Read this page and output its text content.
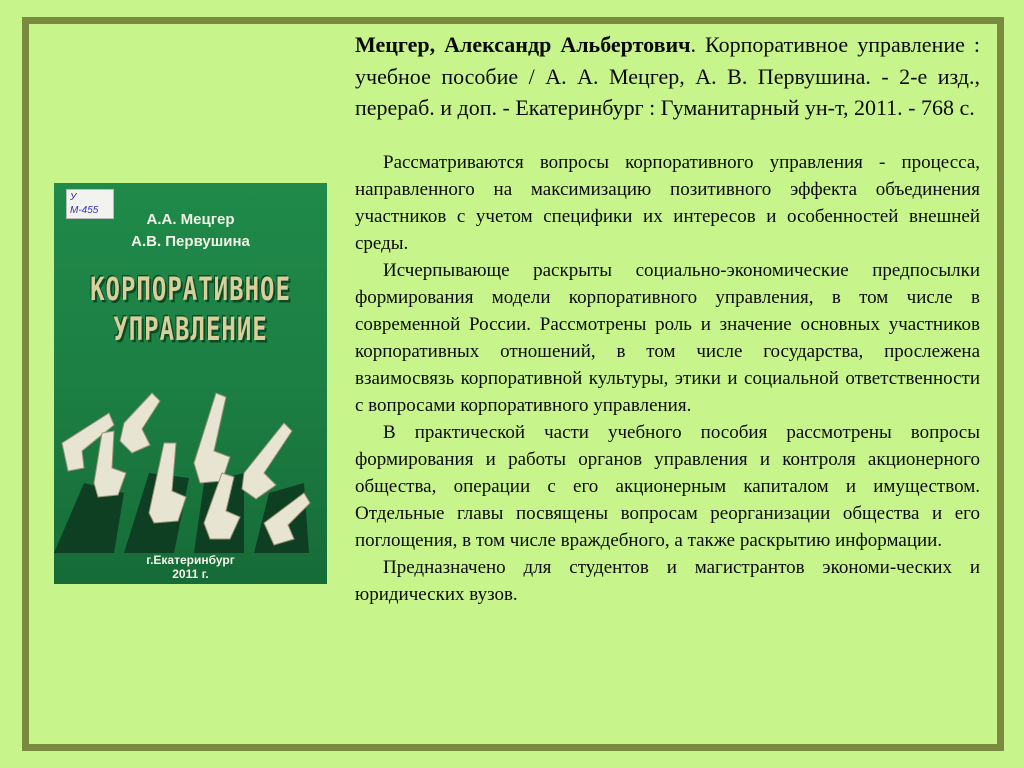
У
М-455
А.А. Мецгер
А.В. Первушина
КОРПОРАТИВНОЕ
УПРАВЛЕНИЕ
г.Екатеринбург
2011 г.

Мецгер, Александр Альбертович. Корпоративное управление : учебное пособие / А. А. Мецгер, А. В. Первушина. - 2-е изд., перераб. и доп. - Екатеринбург : Гуманитарный ун-т, 2011. - 768 с.

Рассматриваются вопросы корпоративного управления - процесса, направленного на максимизацию позитивного эффекта объединения участников с учетом специфики их интересов и особенностей внешней среды.

Исчерпывающе раскрыты социально-экономические предпосылки формирования модели корпоративного управления, в том числе в современной России. Рассмотрены роль и значение основных участников корпоративных отношений, в том числе государства, прослежена взаимосвязь корпоративной культуры, этики и социальной ответственности с вопросами корпоративного управления.

В практической части учебного пособия рассмотрены вопросы формирования и работы органов управления и контроля акционерного общества, операции с его акционерным капиталом и имуществом. Отдельные главы посвящены вопросам реорганизации общества и его поглощения, в том числе враждебного, а также раскрытию информации.

Предназначено для студентов и магистрантов экономи-ческих и юридических вузов.
